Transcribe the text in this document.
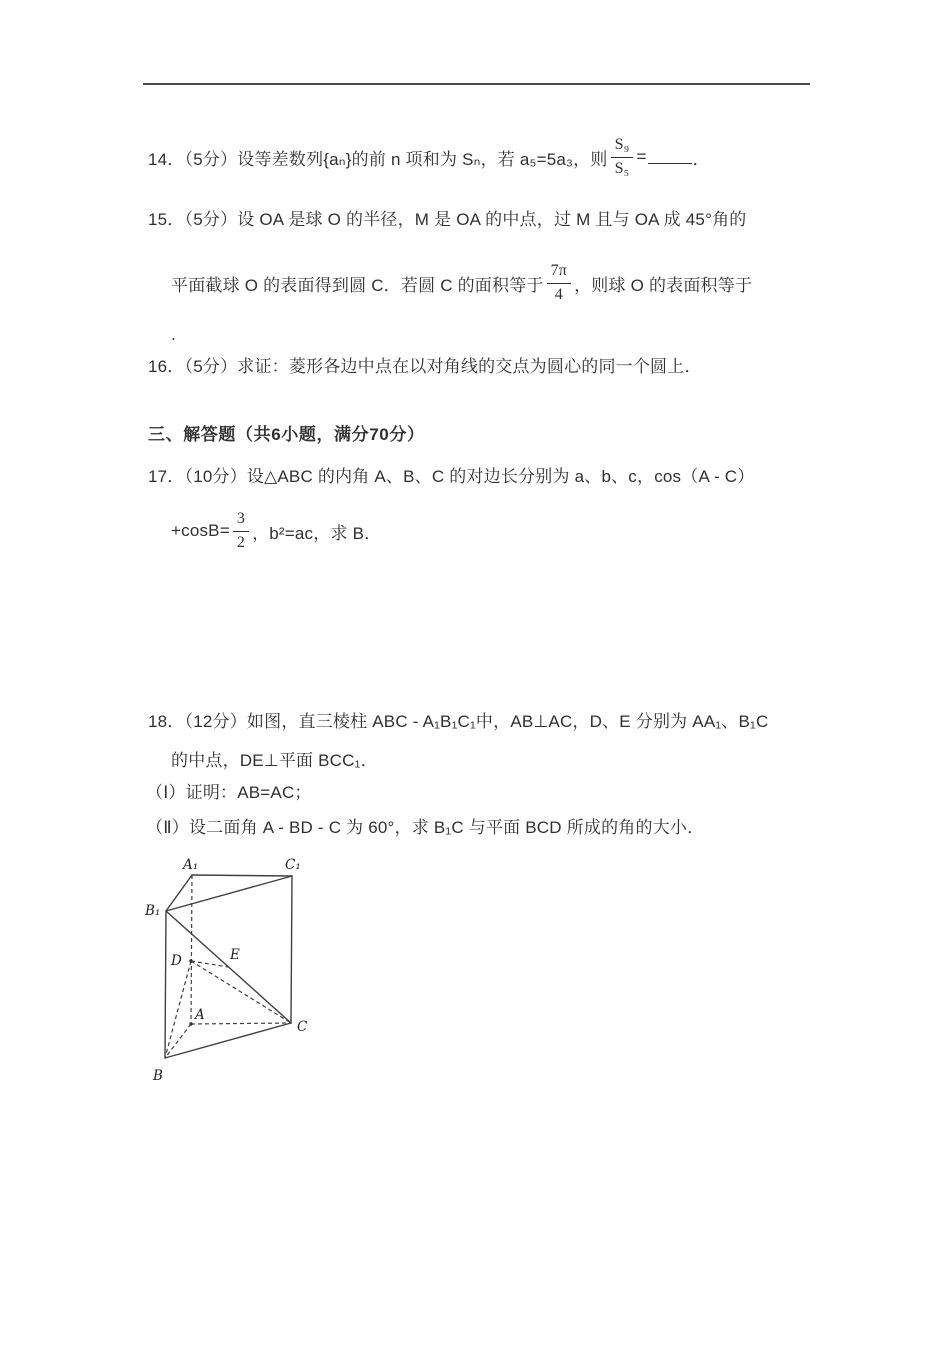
14．（5分）设等差数列{aₙ}的前 n 项和为 Sₙ，若 a₅=5a₃，则 $\frac{\text{S₉}}{\text{S₅}}$ =	．
15．（5分）设 OA 是球 O 的半径，M 是 OA 的中点，过 M 且与 OA 成 45°角的
平面截球 O 的表面得到圆 C．若圆 C 的面积等于 $\frac{7\pi}{4}$ ，则球 O 的表面积等于
.
16．（5分）求证：菱形各边中点在以对角线的交点为圆心的同一个圆上．
三、解答题（共6小题，满分70分）
17．（10分）设△ABC 的内角 A、B、C 的对边长分别为 a、b、c，cos（A - C）
$+\cos B= \frac{3}{2}$ ，b²=ac，求 B．
18．（12分）如图，直三棱柱 ABC - A₁B₁C₁中，AB⊥AC，D、E 分别为 AA₁、B₁C
的中点，DE⊥平面 BCC₁．
（Ⅰ）证明：AB=AC；
（Ⅱ）设二面角 A - BD - C 为 60°，求 B₁C 与平面 BCD 所成的角的大小．
A₁	C₁
B₁
D	E
A
B
C
